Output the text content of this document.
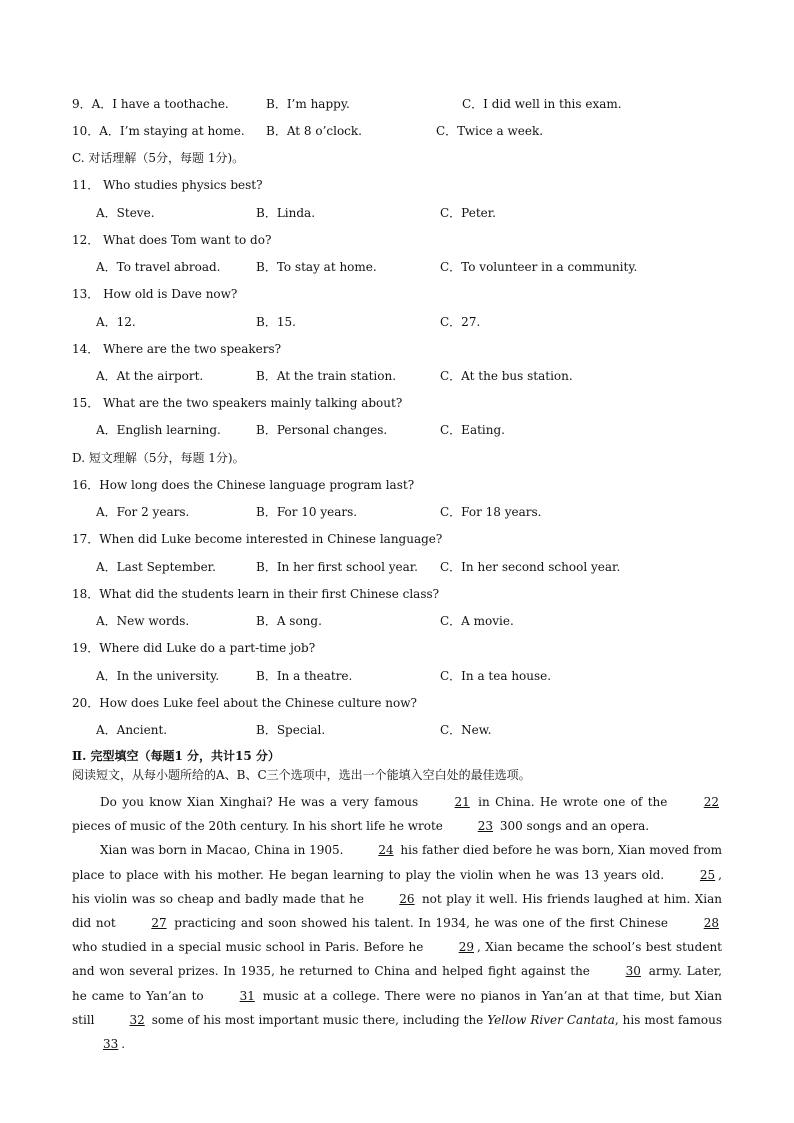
9．A．I have a toothache.	B．I’m happy.	C．I did well in this exam.
10．A．I’m staying at home. B．At 8 o’clock.	C．Twice a week.
C. 对话理解（5分，每题 1分)。
11． Who studies physics best?
A．Steve.	B．Linda.	C．Peter.
12． What does Tom want to do?
A．To travel abroad.	B．To stay at home.	C．To volunteer in a community.
13． How old is Dave now?
A．12.	B．15.	C．27.
14． Where are the two speakers?
A．At the airport.	B．At the train station.	C．At the bus station.
15． What are the two speakers mainly talking about?
A．English learning.	B．Personal changes.	C．Eating.
D. 短文理解（5分，每题 1分)。
16．How long does the Chinese language program last?
A．For 2 years.	B．For 10 years.	C．For 18 years.
17．When did Luke become interested in Chinese language?
A．Last September.	B．In her first school year. C．In her second school year.
18．What did the students learn in their first Chinese class?
A．New words.	B．A song.	C．A movie.
19．Where did Luke do a part-time job?
A．In the university.	B．In a theatre.	C．In a tea house.
20．How does Luke feel about the Chinese culture now?
A．Ancient.	B．Special.	C．New.
Ⅱ. 完型填空（每题1 分，共计15 分）
阅读短文，从每小题所给的A、B、C三个选项中，选出一个能填入空白处的最佳选项。

Do you know Xian Xinghai? He was a very famous	21 in China. He wrote one of the	22 pieces of music of the 20th century. In his short life he wrote	23 300 songs and an opera.

Xian was born in Macao, China in 1905.	24 his father died before he was born, Xian moved from place to place with his mother. He began learning to play the violin when he was 13 years old.	25 , his violin was so cheap and badly made that he	26 not play it well. His friends laughed at him. Xian did not	27 practicing and soon showed his talent. In 1934, he was one of the first Chinese	28 who studied in a special music school in Paris. Before he	29 , Xian became the school’s best student and won several prizes. In 1935, he returned to China and helped fight against the	30 army. Later, he came to Yan’an to	31 music at a college. There were no pianos in Yan’an at that time, but Xian still	32 some of his most important music there, including the Yellow River Cantata, his most famous 33 .
